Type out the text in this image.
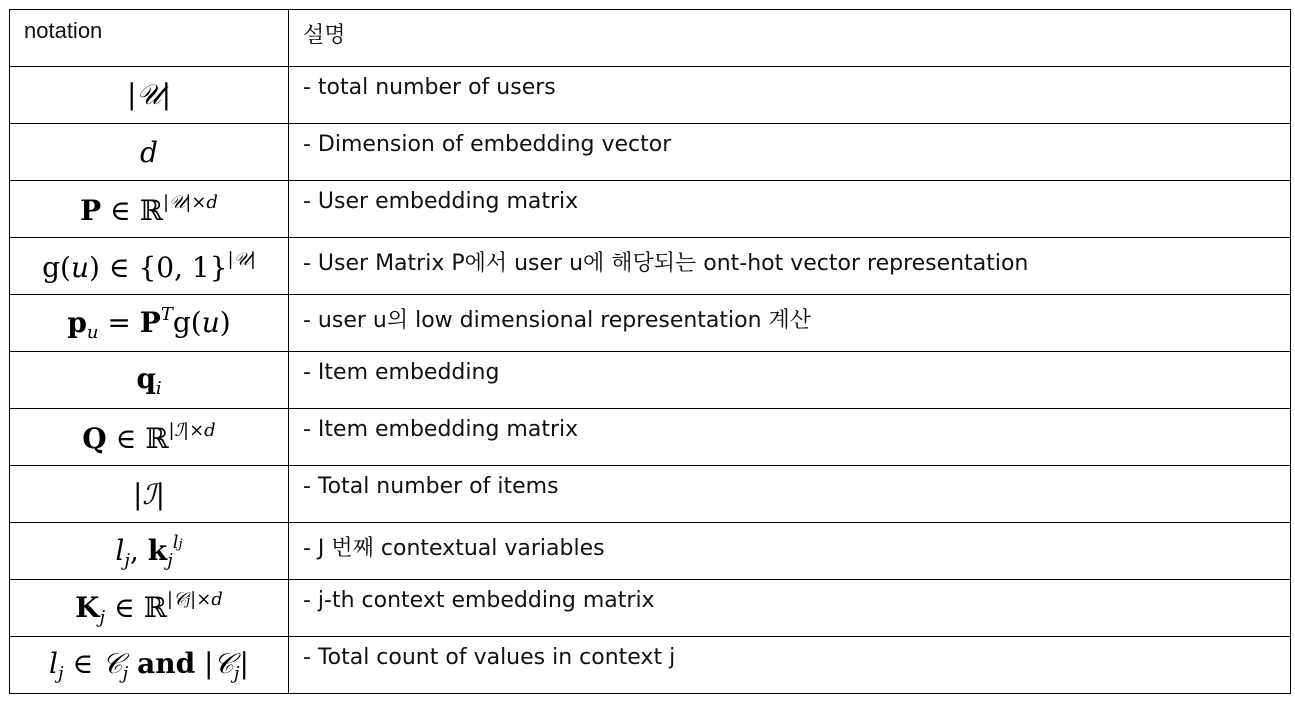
notation	설명
|𝒰|	- total number of users
d	- Dimension of embedding vector
P ∈ ℝ$^{|𝒰|\times d}$	- User embedding matrix
g(u) ∈ {0, 1}$^{|𝒰|}$	- User Matrix P에서 user u에 해당되는 ont-hot vector representation
$p_u = P^Tg(u)$	- user u의 low dimensional representation 계산
$q_i$	- Item embedding
Q ∈ ℝ$^{|ℐ|\times d}$	- Item embedding matrix
|ℐ|	- Total number of items
$l_j$, $k_j^{lj}$	- J 번째 contextual variables
$K_j$ ∈ ℝ$^{|𝒞j|\times d}$	- j-th context embedding matrix
$l_j$ ∈ 𝒞$_j$ and |𝒞$_j$|	- Total count of values in context j
